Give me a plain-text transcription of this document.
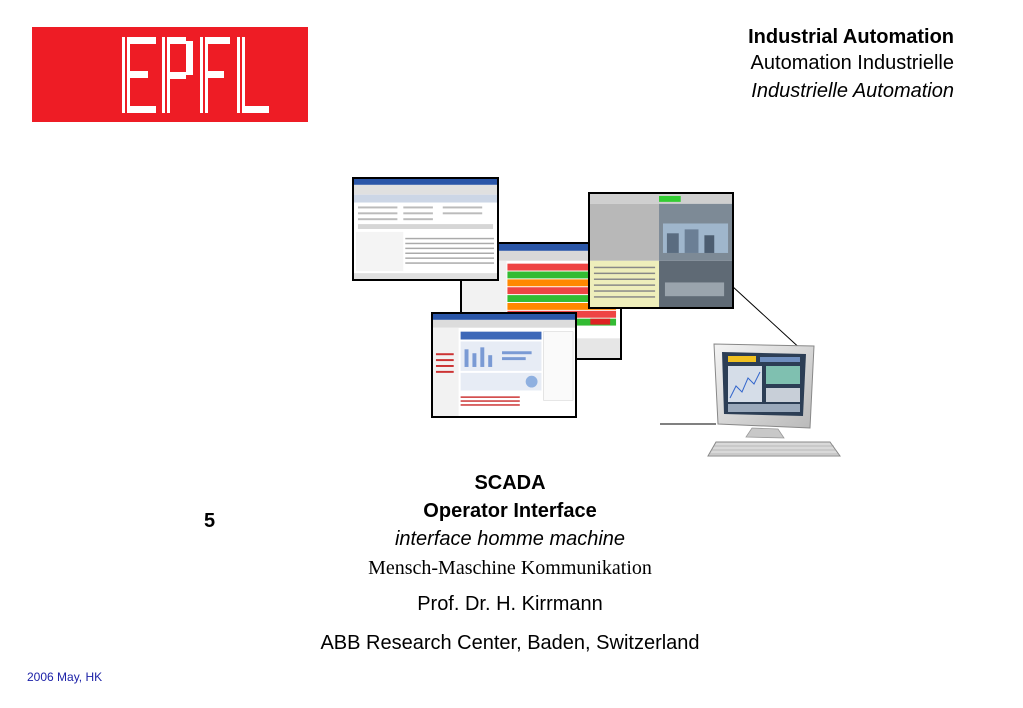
Industrial Automation
Automation Industrielle
Industrielle Automation
5
SCADA
Operator Interface
interface homme machine
Mensch-Maschine Kommunikation
Prof. Dr. H. Kirrmann
ABB Research Center, Baden, Switzerland
2006 May, HK
